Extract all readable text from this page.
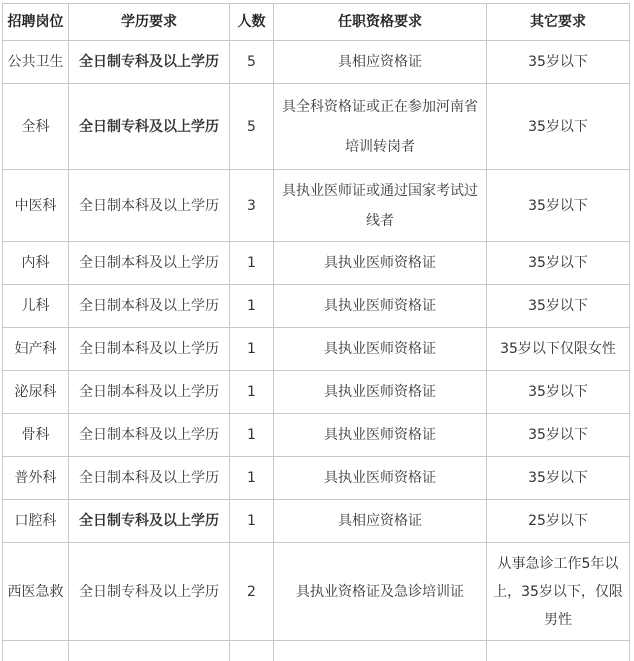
招聘岗位	学历要求	人数	任职资格要求	其它要求
公共卫生	全日制专科及以上学历	5	具相应资格证	35岁以下
全科	全日制专科及以上学历	5	具全科资格证或正在参加河南省培训转岗者	35岁以下
中医科	全日制本科及以上学历	3	具执业医师证或通过国家考试过线者	35岁以下
内科	全日制本科及以上学历	1	具执业医师资格证	35岁以下
儿科	全日制本科及以上学历	1	具执业医师资格证	35岁以下
妇产科	全日制本科及以上学历	1	具执业医师资格证	35岁以下仅限女性
泌尿科	全日制本科及以上学历	1	具执业医师资格证	35岁以下
骨科	全日制本科及以上学历	1	具执业医师资格证	35岁以下
普外科	全日制本科及以上学历	1	具执业医师资格证	35岁以下
口腔科	全日制专科及以上学历	1	具相应资格证	25岁以下
西医急救	全日制专科及以上学历	2	具执业资格证及急诊培训证	从事急诊工作5年以上，35岁以下，仅限男性
